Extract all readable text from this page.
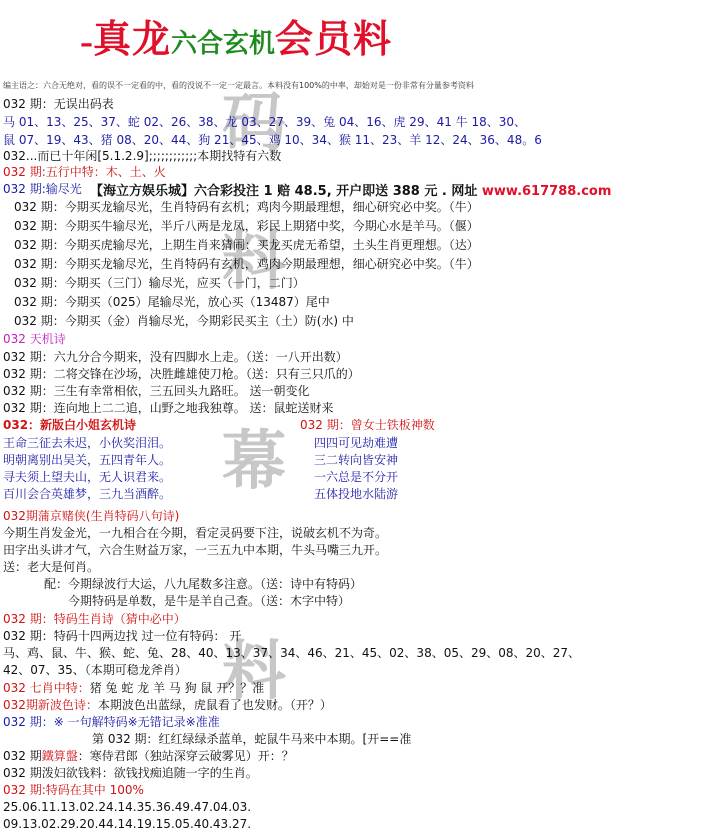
–真龙六合玄机会员料
编主语之：六合无绝对，看的误不一定看的中，看的没说不一定一定最言。本料没有100%的中率，却始对是一份非常有分量参考资料
码
料
幕
料
032 期：无误出码表
马 01、13、25、37、蛇 02、26、38、龙 03、27、39、兔 04、16、虎 29、41 牛 18、30、
鼠 07、19、43、猪 08、20、44、狗 21、45、鸡 10、34、猴 11、23、羊 12、24、36、48。6
032...而已十年闲[5.1.2.9];;;;;;;;;;;;本期找特有六数
032 期:五行中特：木、土、火
032 期:输尽光 【海立方娱乐城】六合彩投注 1 赔 48.5, 开户即送 388 元 . 网址 www.617788.com
032 期：今期买龙输尽光，生肖特码有玄机；鸡肉今期最理想，细心研究必中奖。（牛）
032 期：今期买牛输尽光，半斤八两是龙凤，彩民上期猪中奖，今期心水是羊马。（偃）
032 期：今期买虎输尽光，上期生肖来猜闹：买龙买虎无希望，土头生肖更理想。（达）
032 期：今期买龙输尽光，生肖特码有玄机，鸡肉今期最理想，细心研究必中奖。（牛）
032 期：今期买（三门）输尽光，应买（一门，二门）
032 期：今期买（025）尾输尽光，放心买（13487）尾中
032 期：今期买（金）肖输尽光，今期彩民买主（土）防(水) 中
032 天机诗
032 期：六九分合今期来，没有四脚水上走。（送：一八开出数）
032 期：二将交锋在沙场，决胜雌雄使刀枪。（送：只有三只爪的）
032 期：三生有幸常相依，三五回头九路旺。 送一朝变化
032 期：连向地上二二追，山野之地我独尊。 送：鼠蛇送财来
032：新版白小姐玄机诗	032 期：曾女士铁板神数
王命三征去未迟，小伙奖泪泪。
明朝离别出吴关，五四青年人。
寻夫须上望夫山，无人识君来。
百川会合英雄梦，三九当酒醉。
四四可见劫难遭
三二转向皆安神
一六总是不分开
五体投地水陆游
032期蒲京赌侠(生肖特码八句诗)
今期生肖发金光，一九相合在今期，看定灵码要下注，说破玄机不为奇。
田字出头讲才气，六合生财益万家，一三五九中本期，牛头马嘴三九开。
送：老大是何肖。
配：今期绿波行大运，八九尾数多注意。（送：诗中有特码）
今期特码是单数，是牛是羊自己查。（送：木字中特）
032 期：特码生肖诗（猜中必中）
032 期：特码十四两边找 过一位有特码： 开
马、鸡、鼠、牛、猴、蛇、兔、28、40、13、37、34、46、21、45、02、38、05、29、08、20、27、
42、07、35、（本期可稳龙斧肖）
032 七肖中特：猪 兔 蛇 龙 羊 马 狗 鼠 开？？准
032期新波色诗：本期波色出蓝绿，虎鼠看了也发财。（开？）
032 期：※ 一句解特码※无错记录※准准
第 032 期：红红绿绿杀蓝单，蛇鼠牛马来中本期。[开==准
032 期鐵算盤：寒侍君郎（独站深穿云破雾见）开：？
032 期泼妇欲钱料：欲钱找痴追随一字的生肖。
032 期:特码在其中 100%
25.06.11.13.02.24.14.35.36.49.47.04.03.
09.13.02.29.20.44.14.19.15.05.40.43.27.
